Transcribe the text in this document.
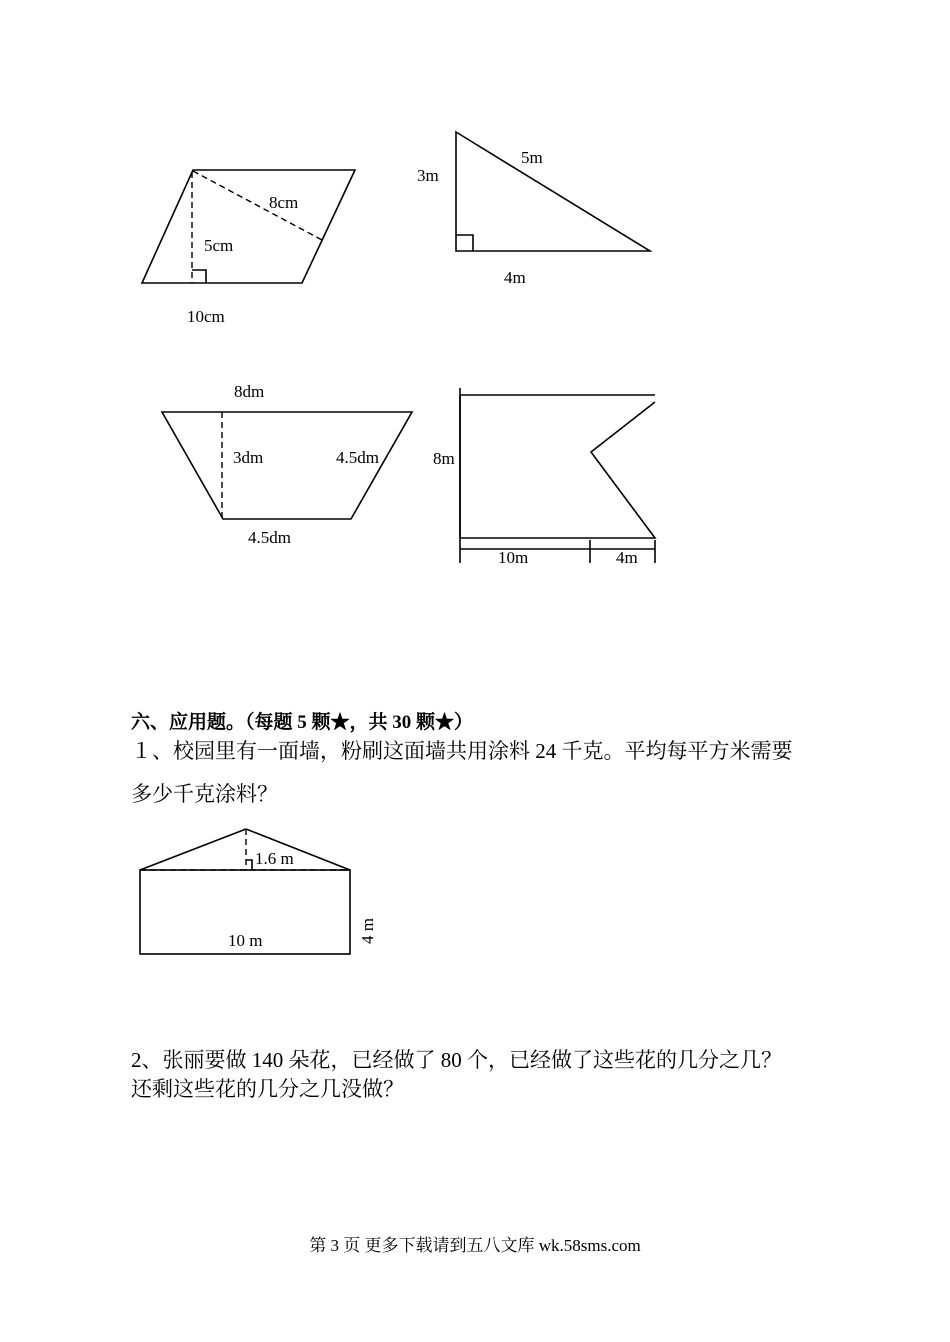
8cm
5cm
10cm
3m
5m
4m
8dm
3dm	4.5dm
4.5dm
8m
10m	4m
1.6 m
10 m	4 m
六、应用题。（每题 5 颗★，共 30 颗★）
１、校园里有一面墙，粉刷这面墙共用涂料 24 千克。平均每平方米需要
多少千克涂料？
2、张丽要做 140 朵花，已经做了 80 个，已经做了这些花的几分之几？
还剩这些花的几分之几没做？
第 3 页 更多下载请到五八文库 wk.58sms.com
